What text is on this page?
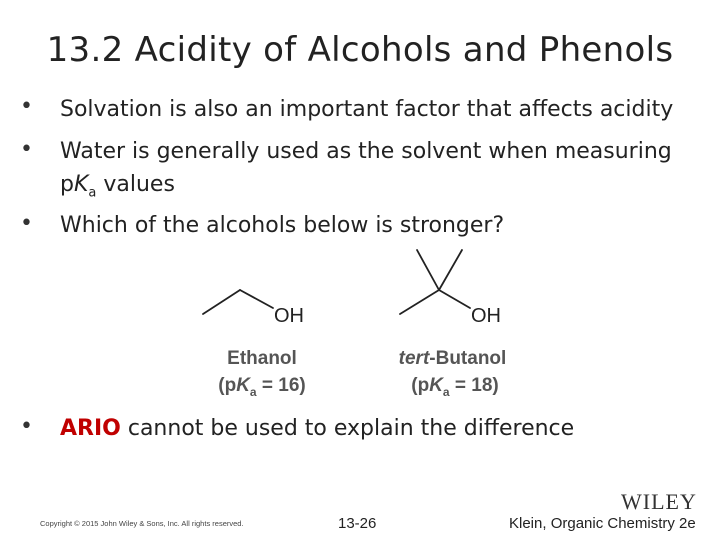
13.2 Acidity of Alcohols and Phenols
• Solvation is also an important factor that affects acidity
• Water is generally used as the solvent when measuring
$pK_a$ values
• Which of the alcohols below is stronger?
OH	OH
Ethanol
$(pK_a = 16)$
tert-Butanol
$(pK_a = 18)$
• ARIO cannot be used to explain the difference
WILEY
Copyright © 2015 John Wiley & Sons, Inc. All rights reserved.	13-26	Klein, Organic Chemistry 2e
